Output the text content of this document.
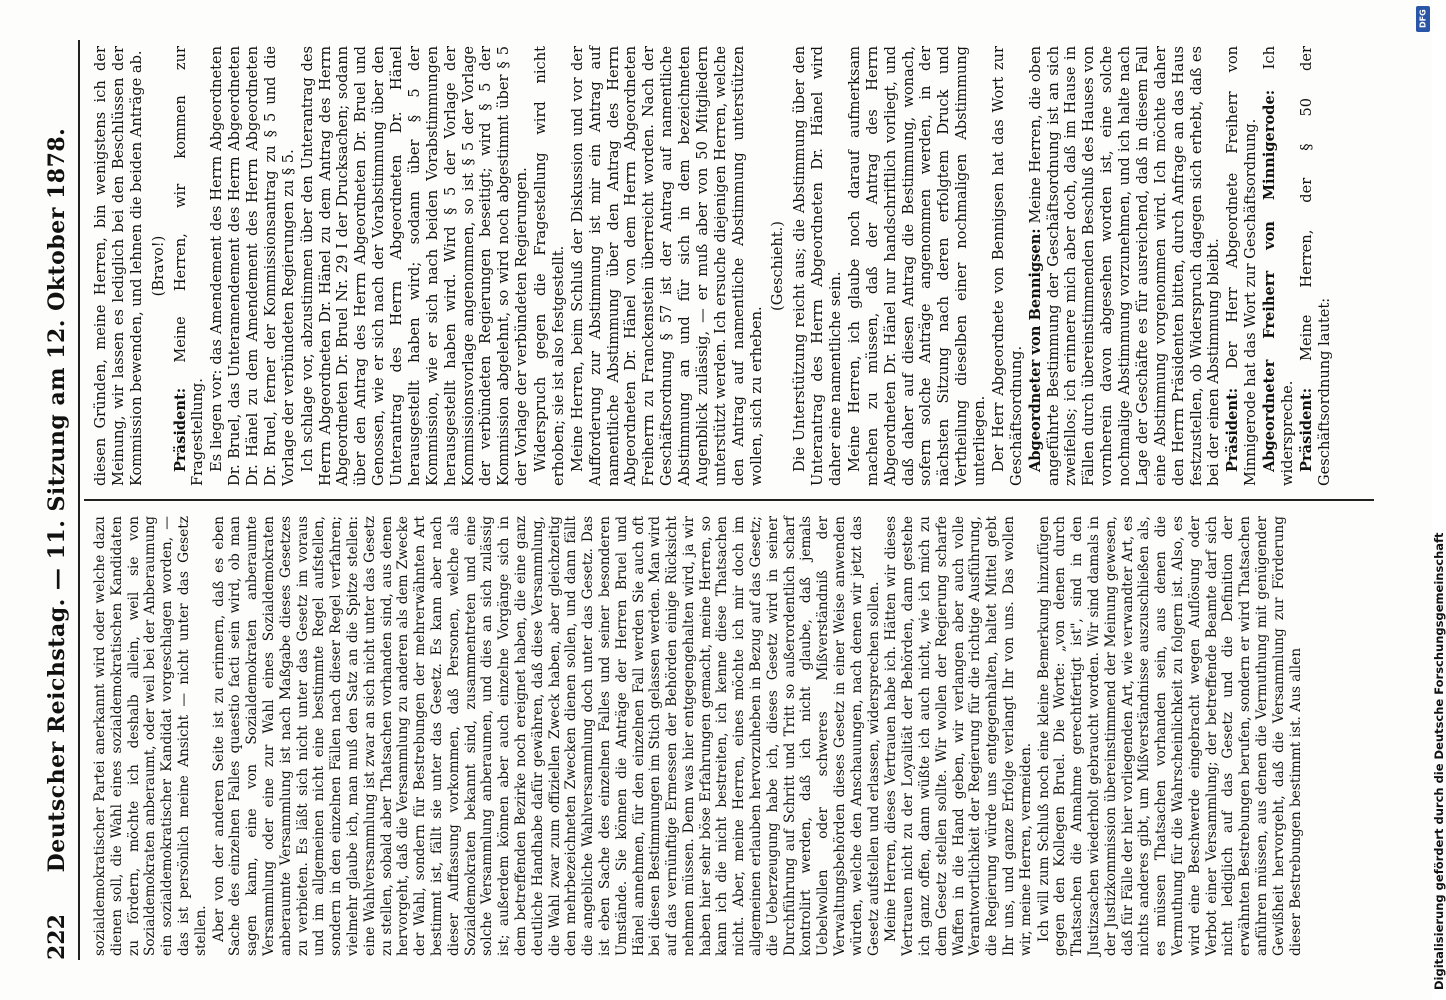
222
Deutscher Reichstag. — 11. Sitzung am 12. Oktober 1878. sozialdemokratischer Partei anerkannt wird oder welche dazu dienen soll, die Wahl eines sozialdemokratischen Kandidaten zu fördern, möchte ich deshalb allein, weil sie von Sozialdemokraten anberaumt, oder weil bei der Anberaumung ein sozialdemokratischer Kandidat vorgeschlagen worden, — das ist persönlich meine Ansicht — nicht unter das Gesetz stellen. Aber von der anderen Seite ist zu erinnern, daß es eben Sache des einzelnen Falles quaestio facti sein wird, ob man sagen kann, eine von Sozialdemokraten anberaumte Versammlung oder eine zur Wahl eines Sozialdemokraten anberaumte Versammlung ist nach Maßgabe dieses Gesetzes zu verbieten. Es läßt sich nicht unter das Gesetz im voraus und im allgemeinen nicht eine bestimmte Regel aufstellen, sondern in den einzelnen Fällen nach dieser Regel verfahren; vielmehr glaube ich, man muß den Satz an die Spitze stellen: eine Wahlversammlung ist zwar an sich nicht unter das Gesetz zu stellen, sobald aber Thatsachen vorhanden sind, aus denen hervorgeht, daß die Versammlung zu anderen als dem Zwecke der Wahl, sondern für Bestrebungen der mehrerwähnten Art bestimmt ist, fällt sie unter das Gesetz. Es kann aber nach dieser Auffassung vorkommen, daß Personen, welche als Sozialdemokraten bekannt sind, zusammentreten und eine solche Versammlung anberaumen, und dies an sich zulässig ist; außerdem können aber auch einzelne Vorgänge sich in dem betreffenden Bezirke noch ereignet haben, die eine ganz deutliche Handhabe dafür gewähren, daß diese Versammlung, die Wahl zwar zum offiziellen Zweck haben, aber gleichzeitig den mehrbezeichneten Zwecken dienen sollen, und dann fällt die angebliche Wahlversammlung doch unter das Gesetz. Das ist eben Sache des einzelnen Falles und seiner besonderen Umstände. Sie können die Anträge der Herren Bruel und Hänel annehmen, für den einzelnen Fall werden Sie auch oft bei diesen Bestimmungen im Stich gelassen werden. Man wird auf das vernünftige Ermessen der Behörden einige Rücksicht nehmen müssen. Denn was hier entgegengehalten wird, ja wir haben hier sehr böse Erfahrungen gemacht, meine Herren, so kann ich die nicht bestreiten, ich kenne diese Thatsachen nicht. Aber, meine Herren, eines möchte ich mir doch im allgemeinen erlauben hervorzuheben in Bezug auf das Gesetz; die Ueberzeugung habe ich, dieses Gesetz wird in seiner Durchführung auf Schritt und Tritt so außerordentlich scharf kontrolirt werden, daß ich nicht glaube, daß jemals Uebelwollen oder schweres Mißverständniß der Verwaltungsbehörden dieses Gesetz in einer Weise anwenden würden, welche den Anschauungen, nach denen wir jetzt das Gesetz aufstellen und erlassen, widersprechen sollen. Meine Herren, dieses Vertrauen habe ich. Hätten wir dieses Vertrauen nicht zu der Loyalität der Behörden, dann gestehe ich ganz offen, dann wüßte ich auch nicht, wie ich mich zu dem Gesetz stellen sollte. Wir wollen der Regierung scharfe Waffen in die Hand geben, wir verlangen aber auch volle Verantwortlichkeit der Regierung für die richtige Ausführung, die Regierung würde uns entgegenhalten, haltet Mittel gebt Ihr uns, und ganze Erfolge verlangt Ihr von uns. Das wollen wir, meine Herren, vermeiden. Ich will zum Schluß noch eine kleine Bemerkung hinzufügen gegen den Kollegen Bruel. Die Worte: „von denen durch Thatsachen die Annahme gerechtfertigt ist", sind in den Justizsachen wiederholt gebraucht worden. Wir sind damals in der Justizkommission übereinstimmend der Meinung gewesen, daß für Fälle der hier vorliegenden Art, wie verwandter Art, es nichts anderes gibt, um Mißverständnisse auszuschließen als, es müssen Thatsachen vorhanden sein, aus denen die Vermuthung für die Wahrscheinlichkeit zu folgern ist. Also, es wird eine Beschwerde eingebracht wegen Auflösung oder Verbot einer Versammlung; der betreffende Beamte darf sich nicht lediglich auf das Gesetz und die Definition der erwähnten Bestrebungen berufen, sondern er wird Thatsachen anführen müssen, aus denen die Vermuthung mit genügender Gewißheit hervorgeht, daß die Versammlung zur Förderung dieser Bestrebungen bestimmt ist. Aus allen

diesen Gründen, meine Herren, bin wenigstens ich der Meinung, wir lassen es lediglich bei den Beschlüssen der Kommission bewenden, und lehnen die beiden Anträge ab. (Bravo!)

Präsident: Meine Herren, wir kommen zur Fragestellung. Es liegen vor: das Amendement des Herrn Abgeordneten Dr. Bruel, das Unteramendement des Herrn Abgeordneten Dr. Hänel zu dem Amendement des Herrn Abgeordneten Dr. Bruel, ferner der Kommissionsantrag zu § 5 und die Vorlage der verbündeten Regierungen zu § 5. Ich schlage vor, abzustimmen über den Unterantrag des Herrn Abgeordneten Dr. Hänel zu dem Antrag des Herrn Abgeordneten Dr. Bruel Nr. 29 I der Drucksachen; sodann über den Antrag des Herrn Abgeordneten Dr. Bruel und Genossen, wie er sich nach der Vorabstimmung über den Unterantrag des Herrn Abgeordneten Dr. Hänel herausgestellt haben wird; sodann über § 5 der Kommission, wie er sich nach beiden Vorabstimmungen herausgestellt haben wird. Wird § 5 der Vorlage der Kommissionsvorlage angenommen, so ist § 5 der Vorlage der verbündeten Regierungen beseitigt; wird § 5 der Kommission abgelehnt, so wird noch abgestimmt über § 5 der Vorlage der verbündeten Regierungen. Widerspruch gegen die Fragestellung wird nicht erhoben; sie ist also festgestellt. Meine Herren, beim Schluß der Diskussion und vor der Aufforderung zur Abstimmung ist mir ein Antrag auf namentliche Abstimmung über den Antrag des Herrn Abgeordneten Dr. Hänel von dem Herrn Abgeordneten Freiherrn zu Franckenstein überreicht worden. Nach der Geschäftsordnung § 57 ist der Antrag auf namentliche Abstimmung an und für sich in dem bezeichneten Augenblick zulässig, — er muß aber von 50 Mitgliedern unterstützt werden. Ich ersuche diejenigen Herren, welche den Antrag auf namentliche Abstimmung unterstützen wollen, sich zu erheben.

(Geschieht.) Die Unterstützung reicht aus; die Abstimmung über den Unterantrag des Herrn Abgeordneten Dr. Hänel wird daher eine namentliche sein. Meine Herren, ich glaube noch darauf aufmerksam machen zu müssen, daß der Antrag des Herrn Abgeordneten Dr. Hänel nur handschriftlich vorliegt, und daß daher auf diesen Antrag die Bestimmung, wonach, sofern solche Anträge angenommen werden, in der nächsten Sitzung nach deren erfolgtem Druck und Vertheilung dieselben einer nochmaligen Abstimmung unterliegen. Der Herr Abgeordnete von Bennigsen hat das Wort zur Geschäftsordnung. Abgeordneter von Bennigsen: Meine Herren, die oben angeführte Bestimmung der Geschäftsordnung ist an sich zweifellos; ich erinnere mich aber doch, daß im Hause in Fällen durch übereinstimmenden Beschluß des Hauses von vornherein davon abgesehen worden ist, eine solche nochmalige Abstimmung vorzunehmen, und ich halte nach Lage der Geschäfte es für ausreichend, daß in diesem Fall eine Abstimmung vorgenommen wird. Ich möchte daher den Herrn Präsidenten bitten, durch Anfrage an das Haus festzustellen, ob Widerspruch dagegen sich erhebt, daß es bei der einen Abstimmung bleibt. Präsident: Der Herr Abgeordnete Freiherr von Minnigerode hat das Wort zur Geschäftsordnung. Abgeordneter Freiherr von Minnigerode: Ich widerspreche. Präsident: Meine Herren, der § 50 der Geschäftsordnung lautet:

DFG
Digitalisierung gefördert durch die Deutsche Forschungsgemeinschaft
